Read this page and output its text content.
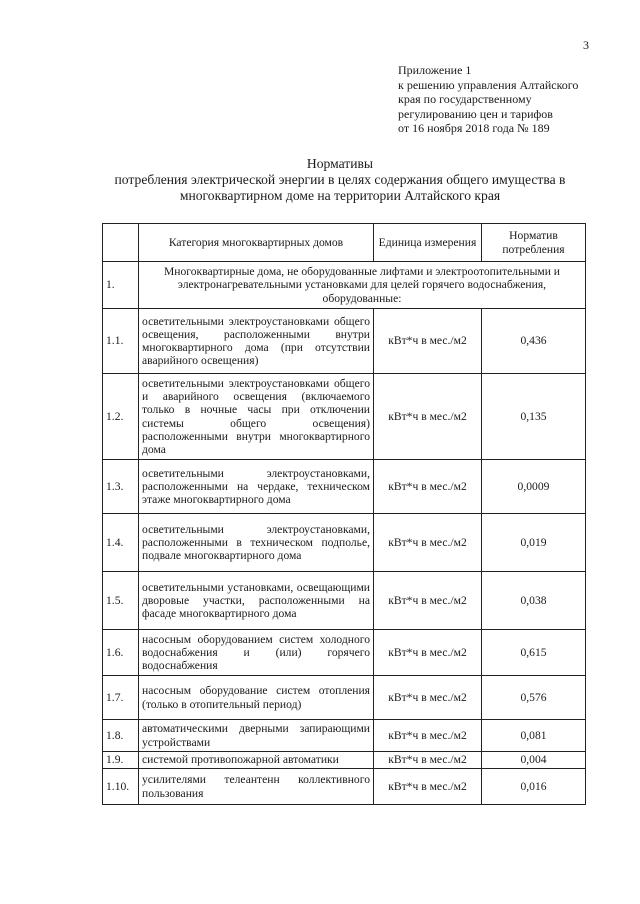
3
Приложение 1
к решению управления Алтайского
края по государственному
регулированию цен и тарифов
от 16 ноября 2018 года № 189
Нормативы
потребления электрической энергии в целях содержания общего имущества в
многоквартирном доме на территории Алтайского края
	Категория многоквартирных домов	Единица измерения	Норматив потребления
1.	Многоквартирные дома, не оборудованные лифтами и электроотопительными и электронагревательными установками для целей горячего водоснабжения, оборудованные:		
1.1.	осветительными электроустановками общего освещения, расположенными внутри многоквартирного дома (при отсутствии аварийного освещения)	кВт*ч в мес./м2	0,436
1.2.	осветительными электроустановками общего и аварийного освещения (включаемого только в ночные часы при отключении системы общего освещения) расположенными внутри многоквартирного дома	кВт*ч в мес./м2	0,135
1.3.	осветительными электроустановками, расположенными на чердаке, техническом этаже многоквартирного дома	кВт*ч в мес./м2	0,0009
1.4.	осветительными электроустановками, расположенными в техническом подполье, подвале многоквартирного дома	кВт*ч в мес./м2	0,019
1.5.	осветительными установками, освещающими дворовые участки, расположенными на фасаде многоквартирного дома	кВт*ч в мес./м2	0,038
1.6.	насосным оборудованием систем холодного водоснабжения и (или) горячего водоснабжения	кВт*ч в мес./м2	0,615
1.7.	насосным оборудование систем отопления (только в отопительный период)	кВт*ч в мес./м2	0,576
1.8.	автоматическими дверными запирающими устройствами	кВт*ч в мес./м2	0,081
1.9.	системой противопожарной автоматики	кВт*ч в мес./м2	0,004
1.10.	усилителями телеантенн коллективного пользования	кВт*ч в мес./м2	0,016
